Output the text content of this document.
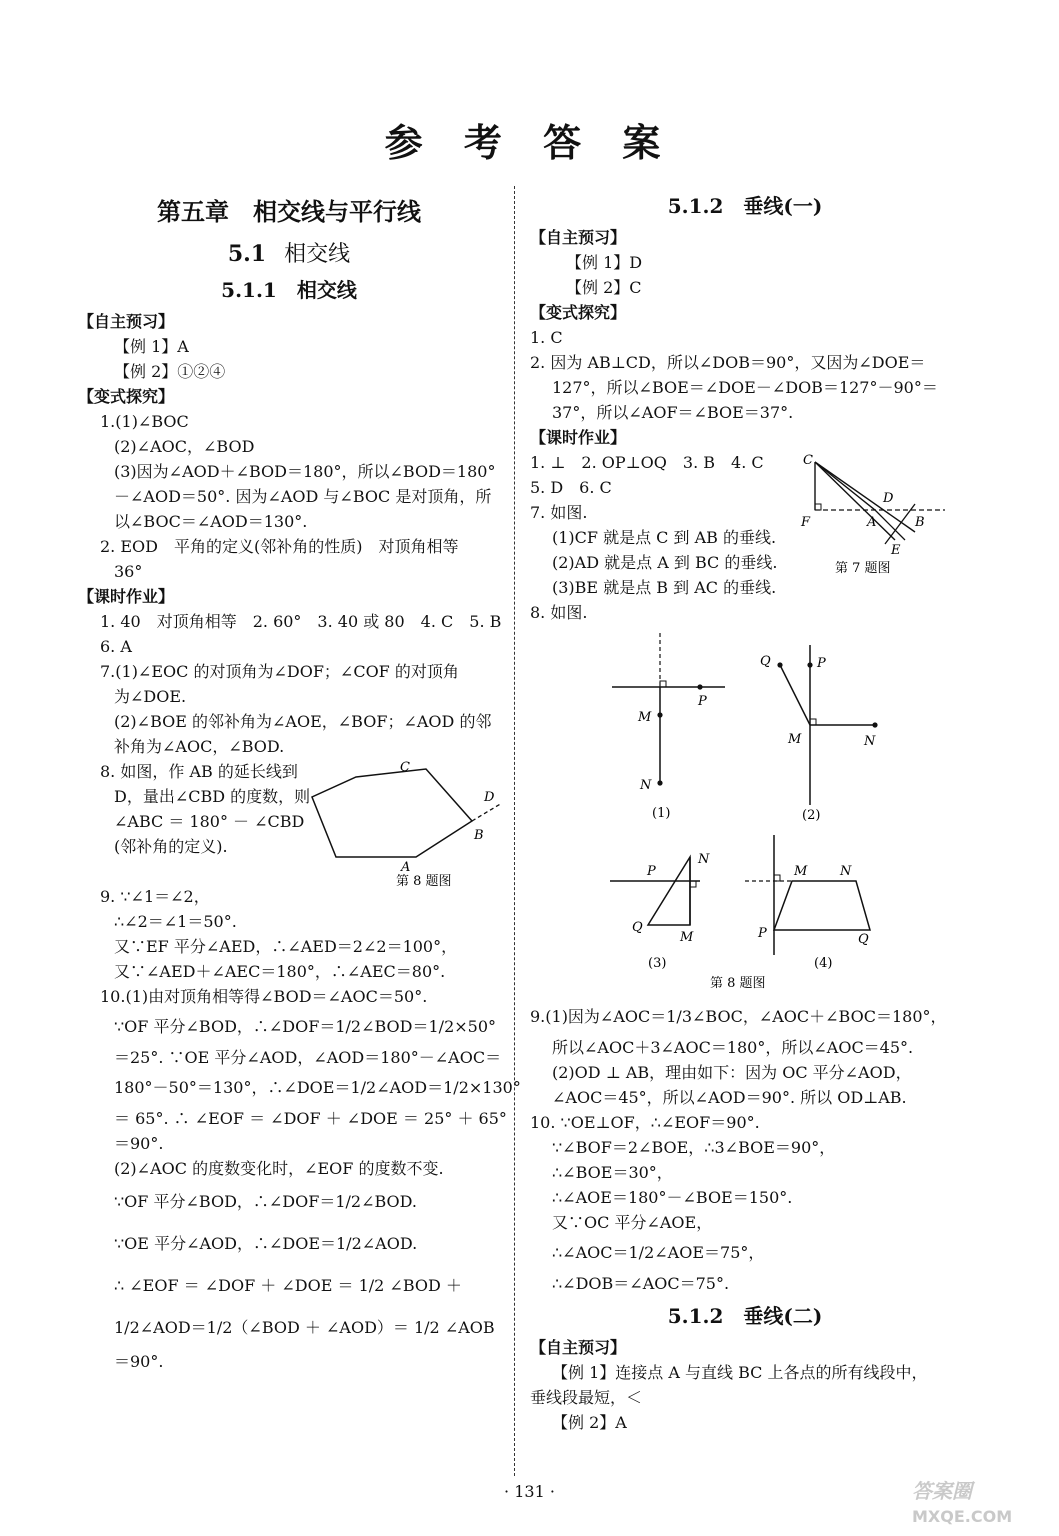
参 考 答 案
第五章　相交线与平行线
5.1 相交线
5.1.1　相交线
【自主预习】
【例 1】A
【例 2】①②④
【变式探究】
1.(1)∠BOC
(2)∠AOC，∠BOD
(3)因为∠AOD＋∠BOD＝180°，所以∠BOD＝180°
－∠AOD＝50°. 因为∠AOD 与∠BOC 是对顶角，所
以∠BOC＝∠AOD＝130°.
2. EOD　平角的定义(邻补角的性质)　对顶角相等
36°
【课时作业】
1. 40　对顶角相等　2. 60°　3. 40 或 80　4. C　5. B
6. A
7.(1)∠EOC 的对顶角为∠DOF；∠COF 的对顶角
为∠DOE.
(2)∠BOE 的邻补角为∠AOE，∠BOF；∠AOD 的邻
补角为∠AOC，∠BOD.
8. 如图，作 AB 的延长线到
D，量出∠CBD 的度数，则
∠ABC ＝ 180° － ∠CBD
(邻补角的定义).
A
B
C
D
第 8 题图
9. ∵∠1＝∠2，
∴∠2＝∠1＝50°.
又∵EF 平分∠AED，∴∠AED＝2∠2＝100°，
又∵∠AED＋∠AEC＝180°，∴∠AEC＝80°.
10.(1)由对顶角相等得∠BOD＝∠AOC＝50°.
∵OF 平分∠BOD，∴∠DOF＝1/2∠BOD＝1/2×50°
＝25°. ∵OE 平分∠AOD，∠AOD＝180°－∠AOC＝
180°－50°＝130°，∴∠DOE＝1/2∠AOD＝1/2×130°
＝ 65°. ∴ ∠EOF ＝ ∠DOF ＋ ∠DOE ＝ 25° ＋ 65°
＝90°.
(2)∠AOC 的度数变化时，∠EOF 的度数不变.
∵OF 平分∠BOD，∴∠DOF＝1/2∠BOD.
∵OE 平分∠AOD，∴∠DOE＝1/2∠AOD.
∴ ∠EOF ＝ ∠DOF ＋ ∠DOE ＝ 1/2 ∠BOD ＋
1/2∠AOD＝1/2（∠BOD ＋ ∠AOD）＝ 1/2 ∠AOB
＝90°.
5.1.2　垂线(一)
【自主预习】
【例 1】D
【例 2】C
【变式探究】
1. C
2. 因为 AB⊥CD，所以∠DOB＝90°，又因为∠DOE＝
127°，所以∠BOE＝∠DOE－∠DOB＝127°－90°＝
37°，所以∠AOF＝∠BOE＝37°.
【课时作业】
1. ⊥　2. OP⊥OQ　3. B　4. C
5. D　6. C
7. 如图.
(1)CF 就是点 C 到 AB 的垂线.
(2)AD 就是点 A 到 BC 的垂线.
(3)BE 就是点 B 到 AC 的垂线.
8. 如图.
C
D
F	A	B
E
第 7 题图
P
M
N
(1)
Q	P
M	N
(2)
P
N
Q
M
(3)
M	N
P	Q
(4)
第 8 题图
9.(1)因为∠AOC＝1/3∠BOC，∠AOC＋∠BOC＝180°，
所以∠AOC＋3∠AOC＝180°，所以∠AOC＝45°.
(2)OD ⊥ AB，理由如下：因为 OC 平分∠AOD，
∠AOC＝45°，所以∠AOD＝90°. 所以 OD⊥AB.
10. ∵OE⊥OF，∴∠EOF＝90°.
∵∠BOF＝2∠BOE，∴3∠BOE＝90°，
∴∠BOE＝30°，
∴∠AOE＝180°－∠BOE＝150°.
又∵OC 平分∠AOE，
∴∠AOC＝1/2∠AOE＝75°，
∴∠DOB＝∠AOC＝75°.
5.1.2　垂线(二)
【自主预习】
【例 1】连接点 A 与直线 BC 上各点的所有线段中，
垂线段最短，＜
【例 2】A
· 131 ·	答案圈
MXQE.COM
